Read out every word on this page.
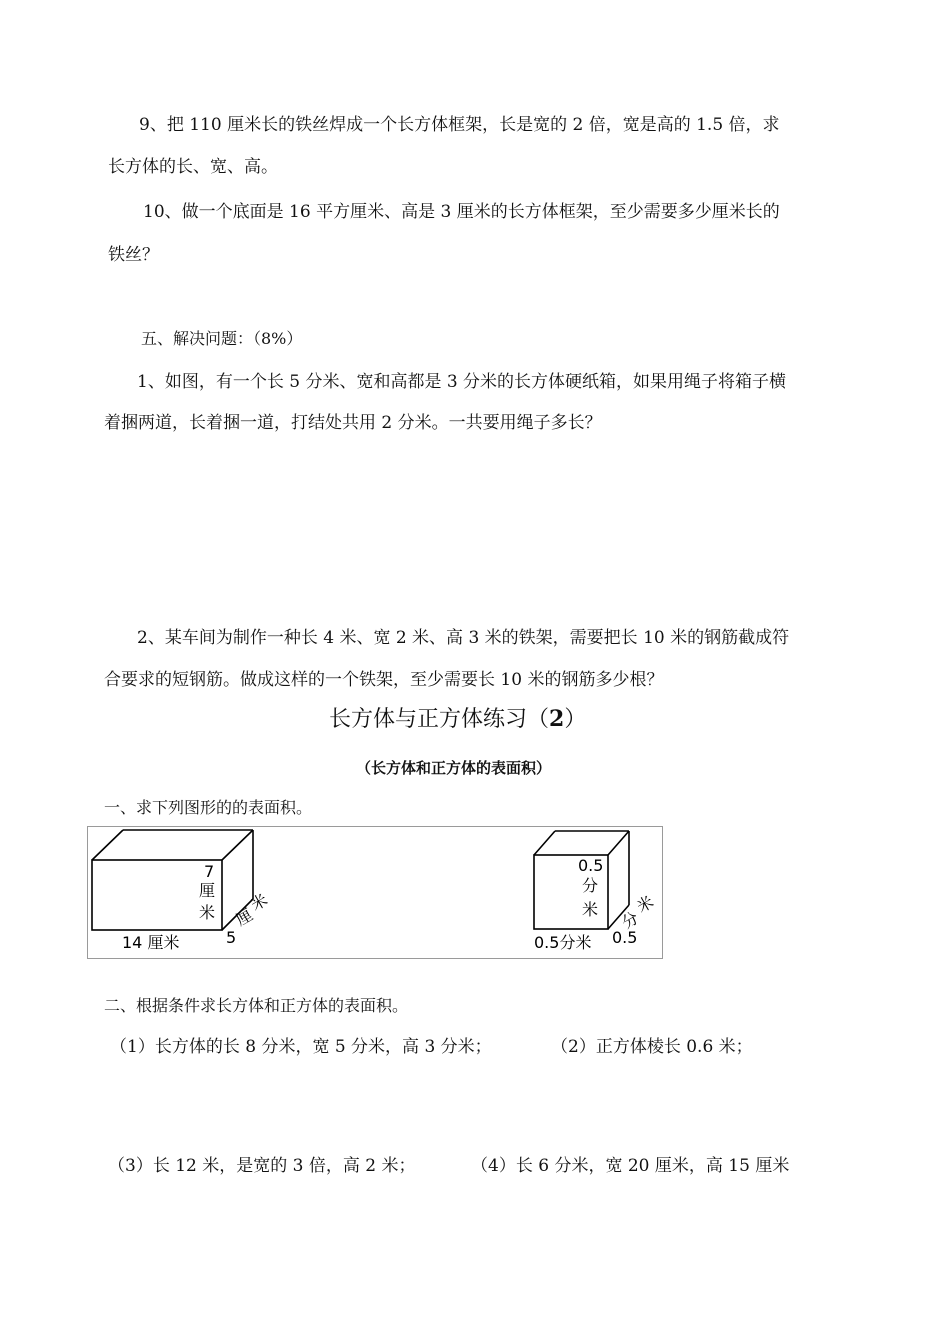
9、把 110 厘米长的铁丝焊成一个长方体框架，长是宽的 2 倍，宽是高的 1.5 倍，求
长方体的长、宽、高。
10、做一个底面是 16 平方厘米、高是 3 厘米的长方体框架，至少需要多少厘米长的
铁丝？
五、解决问题：（8%）
1、如图，有一个长 5 分米、宽和高都是 3 分米的长方体硬纸箱，如果用绳子将箱子横
着捆两道，长着捆一道，打结处共用 2 分米。一共要用绳子多长？
2、某车间为制作一种长 4 米、宽 2 米、高 3 米的铁架，需要把长 10 米的钢筋截成符
合要求的短钢筋。做成这样的一个铁架，至少需要长 10 米的钢筋多少根？
长方体与正方体练习（2）
（长方体和正方体的表面积）
一、求下列图形的的表面积。
7
厘
米
14 厘米	5
厘
米
0.5
分
米
0.5分米 0.5
分
米
二、根据条件求长方体和正方体的表面积。
（1）长方体的长 8 分米，宽 5 分米，高 3 分米；	（2）正方体棱长 0.6 米；
（3）长 12 米，是宽的 3 倍，高 2 米；	（4）长 6 分米，宽 20 厘米，高 15 厘米
